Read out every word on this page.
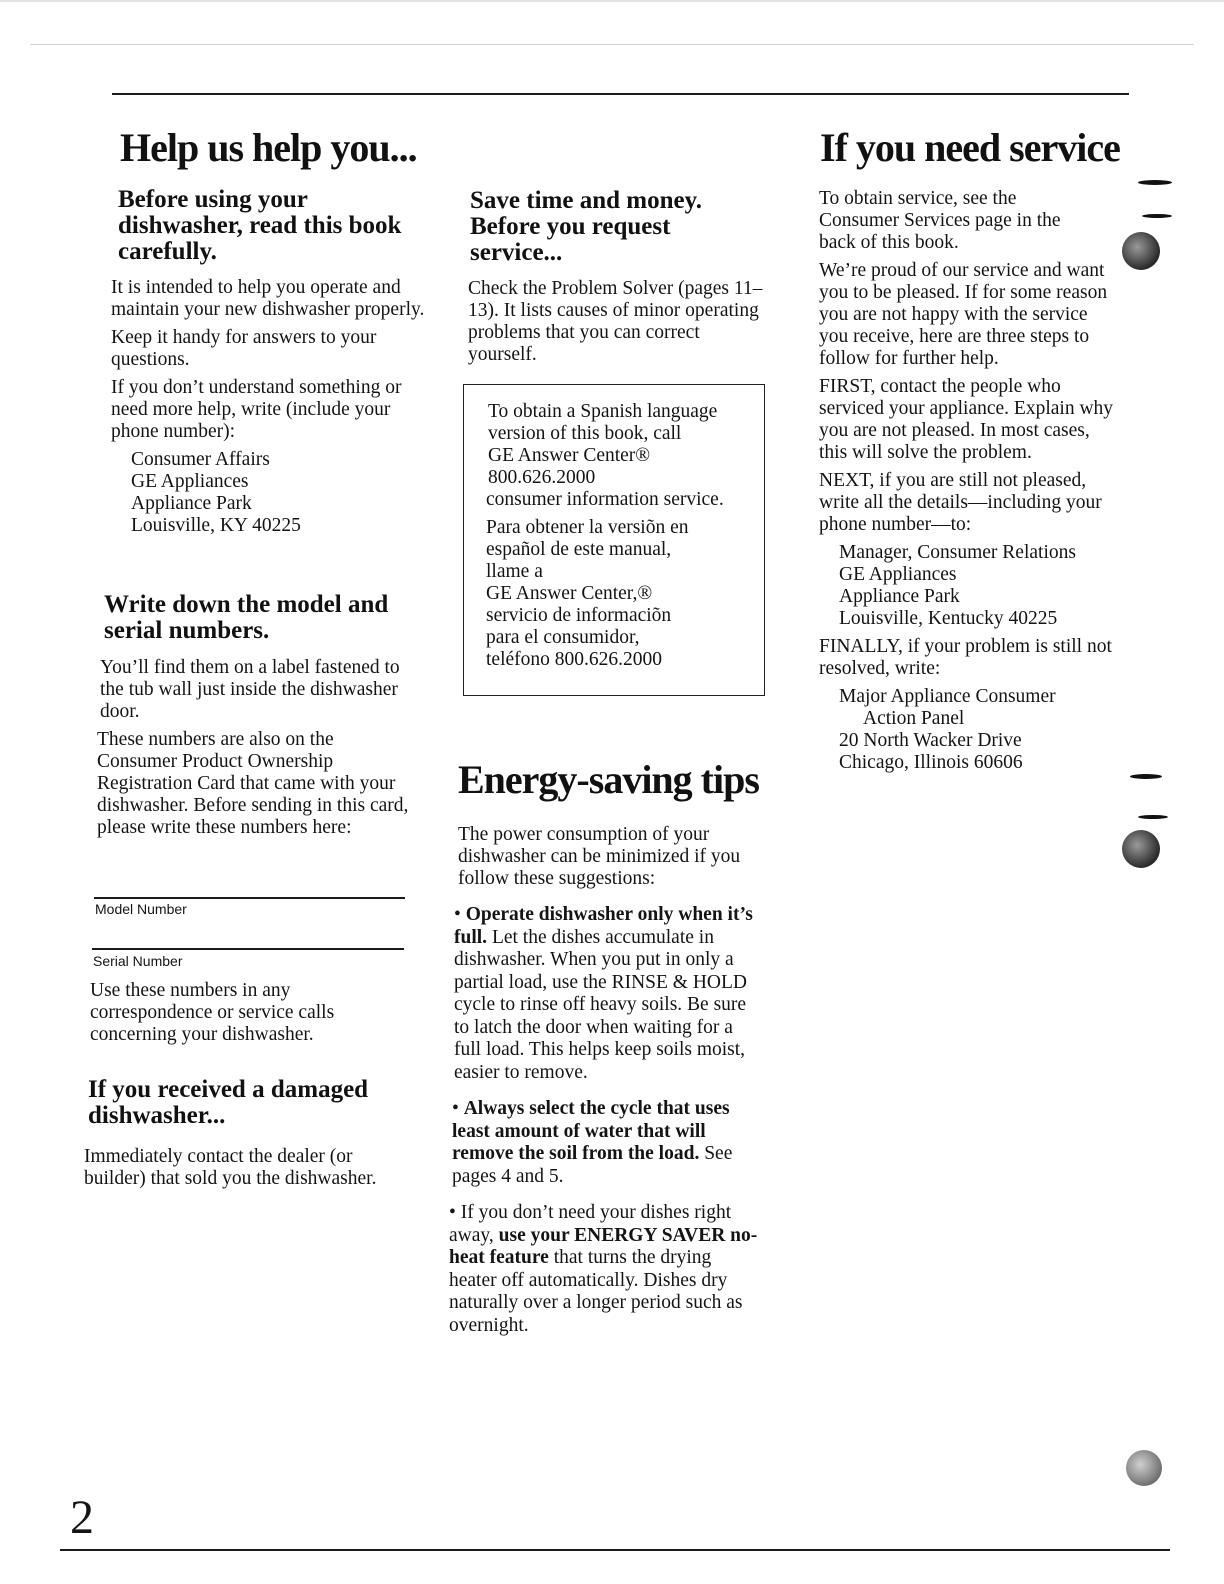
Help us help you...
Before using your dishwasher, read this book carefully.

It is intended to help you operate and maintain your new dishwasher properly.

Keep it handy for answers to your questions.

If you don’t understand something or need more help, write (include your phone number):

Consumer Affairs
GE Appliances
Appliance Park
Louisville, KY 40225
Write down the model and serial numbers.

You’ll find them on a label fastened to the tub wall just inside the dishwasher door.

These numbers are also on the Consumer Product Ownership Registration Card that came with your dishwasher. Before sending in this card, please write these numbers here:

Model Number
Serial Number

Use these numbers in any correspondence or service calls concerning your dishwasher.

If you received a damaged dishwasher...

Immediately contact the dealer (or builder) that sold you the dishwasher.

Save time and money. Before you request service...

Check the Problem Solver (pages 11–13). It lists causes of minor operating problems that you can correct yourself.

To obtain a Spanish language
version of this book, call
GE Answer Center®
800.626.2000
consumer information service.
Para obtener la versiõn en
español de este manual,
llame a
GE Answer Center,®
servicio de informaciõn
para el consumidor,
teléfono 800.626.2000
Energy-saving tips

The power consumption of your dishwasher can be minimized if you follow these suggestions:

• Operate dishwasher only when it’s full. Let the dishes accumulate in dishwasher. When you put in only a partial load, use the RINSE & HOLD cycle to rinse off heavy soils. Be sure to latch the door when waiting for a full load. This helps keep soils moist, easier to remove.

• Always select the cycle that uses least amount of water that will remove the soil from the load. See pages 4 and 5.

• If you don’t need your dishes right away, use your ENERGY SAVER no-heat feature that turns the drying heater off automatically. Dishes dry naturally over a longer period such as overnight.

If you need service

To obtain service, see the Consumer Services page in the back of this book.

We’re proud of our service and want you to be pleased. If for some reason you are not happy with the service you receive, here are three steps to follow for further help.

FIRST, contact the people who serviced your appliance. Explain why you are not pleased. In most cases, this will solve the problem.

NEXT, if you are still not pleased, write all the details—including your phone number—to:

Manager, Consumer Relations
GE Appliances
Appliance Park
Louisville, Kentucky 40225

FINALLY, if your problem is still not resolved, write:

Major Appliance Consumer
Action Panel
20 North Wacker Drive
Chicago, Illinois 60606
2
